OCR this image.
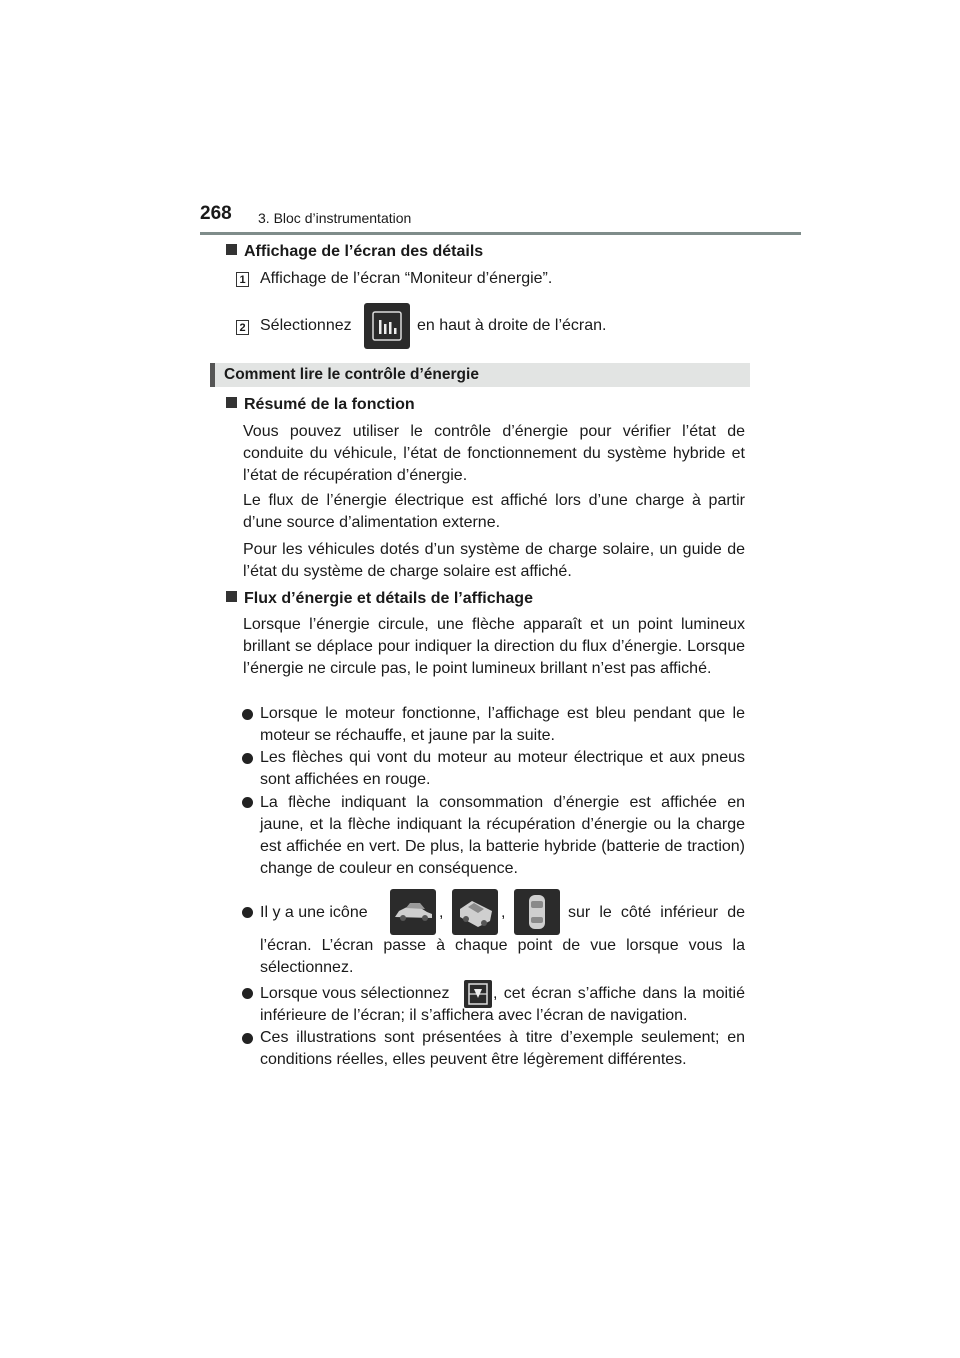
268 3. Bloc d’instrumentation
Affichage de l’écran des détails
1 Affichage de l’écran “Moniteur d’énergie”.
2 Sélectionnez	en haut à droite de l’écran.
Comment lire le contrôle d’énergie
Résumé de la fonction

Vous pouvez utiliser le contrôle d’énergie pour vérifier l’état de conduite du véhicule, l’état de fonctionnement du système hybride et l’état de récupération d’énergie.

Le flux de l’énergie électrique est affiché lors d’une charge à partir d’une source d’alimentation externe.

Pour les véhicules dotés d’un système de charge solaire, un guide de l’état du système de charge solaire est affiché.

Flux d’énergie et détails de l’affichage

Lorsque l’énergie circule, une flèche apparaît et un point lumineux brillant se déplace pour indiquer la direction du flux d’énergie. Lorsque l’énergie ne circule pas, le point lumineux brillant n’est pas affiché.

Lorsque le moteur fonctionne, l’affichage est bleu pendant que le moteur se réchauffe, et jaune par la suite.

Les flèches qui vont du moteur au moteur électrique et aux pneus sont affichées en rouge.

La flèche indiquant la consommation d’énergie est affichée en jaune, et la flèche indiquant la récupération d’énergie ou la charge est affichée en vert. De plus, la batterie hybride (batterie de traction) change de couleur en conséquence.

Il y a une icône	,	,	sur le côté inférieur de

l’écran. L’écran passe à chaque point de vue lorsque vous la sélectionnez.

Lorsque vous sélectionnez	, cet écran s’affiche dans la moitié inférieure de l’écran; il s’affichera avec l’écran de navigation.

Ces illustrations sont présentées à titre d’exemple seulement; en conditions réelles, elles peuvent être légèrement différentes.
